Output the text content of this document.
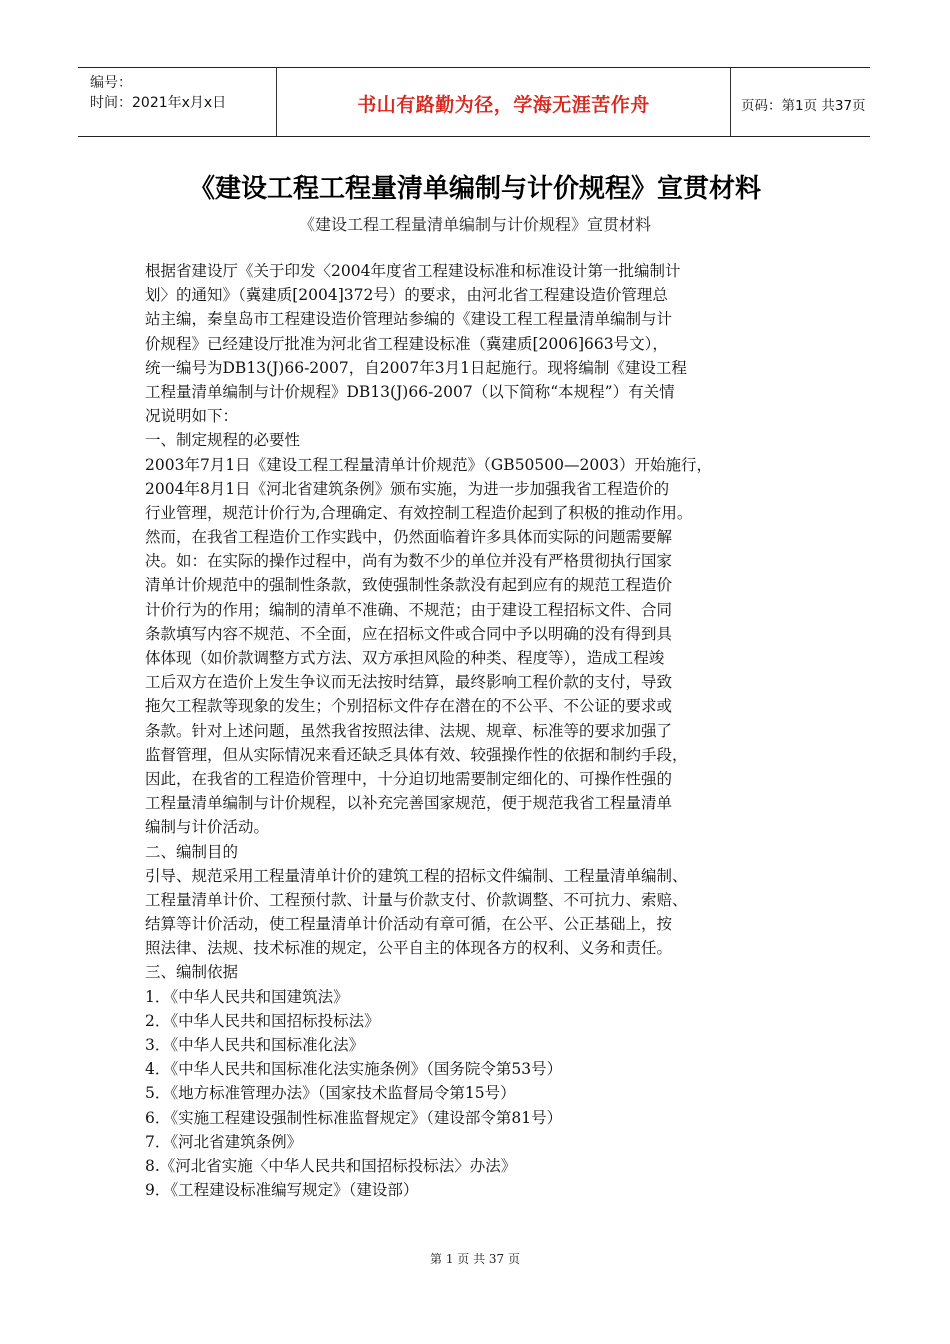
编号：
时间：2021年x月x日	书山有路勤为径，学海无涯苦作舟	页码：第1页 共37页
《建设工程工程量清单编制与计价规程》宣贯材料
《建设工程工程量清单编制与计价规程》宣贯材料
根据省建设厅《关于印发〈2004年度省工程建设标准和标准设计第一批编制计
划〉的通知》（冀建质[2004]372号）的要求，由河北省工程建设造价管理总
站主编，秦皇岛市工程建设造价管理站参编的《建设工程工程量清单编制与计
价规程》已经建设厅批准为河北省工程建设标准（冀建质[2006]663号文），
统一编号为DB13(J)66-2007，自2007年3月1日起施行。现将编制《建设工程
工程量清单编制与计价规程》DB13(J)66-2007（以下简称“本规程”）有关情
况说明如下：
一、制定规程的必要性
2003年7月1日《建设工程工程量清单计价规范》（GB50500—2003）开始施行，
2004年8月1日《河北省建筑条例》颁布实施，为进一步加强我省工程造价的
行业管理，规范计价行为,合理确定、有效控制工程造价起到了积极的推动作用。
然而，在我省工程造价工作实践中，仍然面临着许多具体而实际的问题需要解
决。如：在实际的操作过程中，尚有为数不少的单位并没有严格贯彻执行国家
清单计价规范中的强制性条款，致使强制性条款没有起到应有的规范工程造价
计价行为的作用；编制的清单不准确、不规范；由于建设工程招标文件、合同
条款填写内容不规范、不全面，应在招标文件或合同中予以明确的没有得到具
体体现（如价款调整方式方法、双方承担风险的种类、程度等），造成工程竣
工后双方在造价上发生争议而无法按时结算，最终影响工程价款的支付，导致
拖欠工程款等现象的发生；个别招标文件存在潜在的不公平、不公证的要求或
条款。针对上述问题，虽然我省按照法律、法规、规章、标准等的要求加强了
监督管理，但从实际情况来看还缺乏具体有效、较强操作性的依据和制约手段，
因此，在我省的工程造价管理中，十分迫切地需要制定细化的、可操作性强的
工程量清单编制与计价规程，以补充完善国家规范，便于规范我省工程量清单
编制与计价活动。
二、编制目的
引导、规范采用工程量清单计价的建筑工程的招标文件编制、工程量清单编制、
工程量清单计价、工程预付款、计量与价款支付、价款调整、不可抗力、索赔、
结算等计价活动，使工程量清单计价活动有章可循，在公平、公正基础上，按
照法律、法规、技术标准的规定，公平自主的体现各方的权利、义务和责任。
三、编制依据
1．《中华人民共和国建筑法》
2．《中华人民共和国招标投标法》
3．《中华人民共和国标准化法》
4．《中华人民共和国标准化法实施条例》（国务院令第53号）
5．《地方标准管理办法》（国家技术监督局令第15号）
6．《实施工程建设强制性标准监督规定》（建设部令第81号）
7．《河北省建筑条例》
8.《河北省实施〈中华人民共和国招标投标法〉办法》
9．《工程建设标准编写规定》（建设部）
第 1 页 共 37 页
